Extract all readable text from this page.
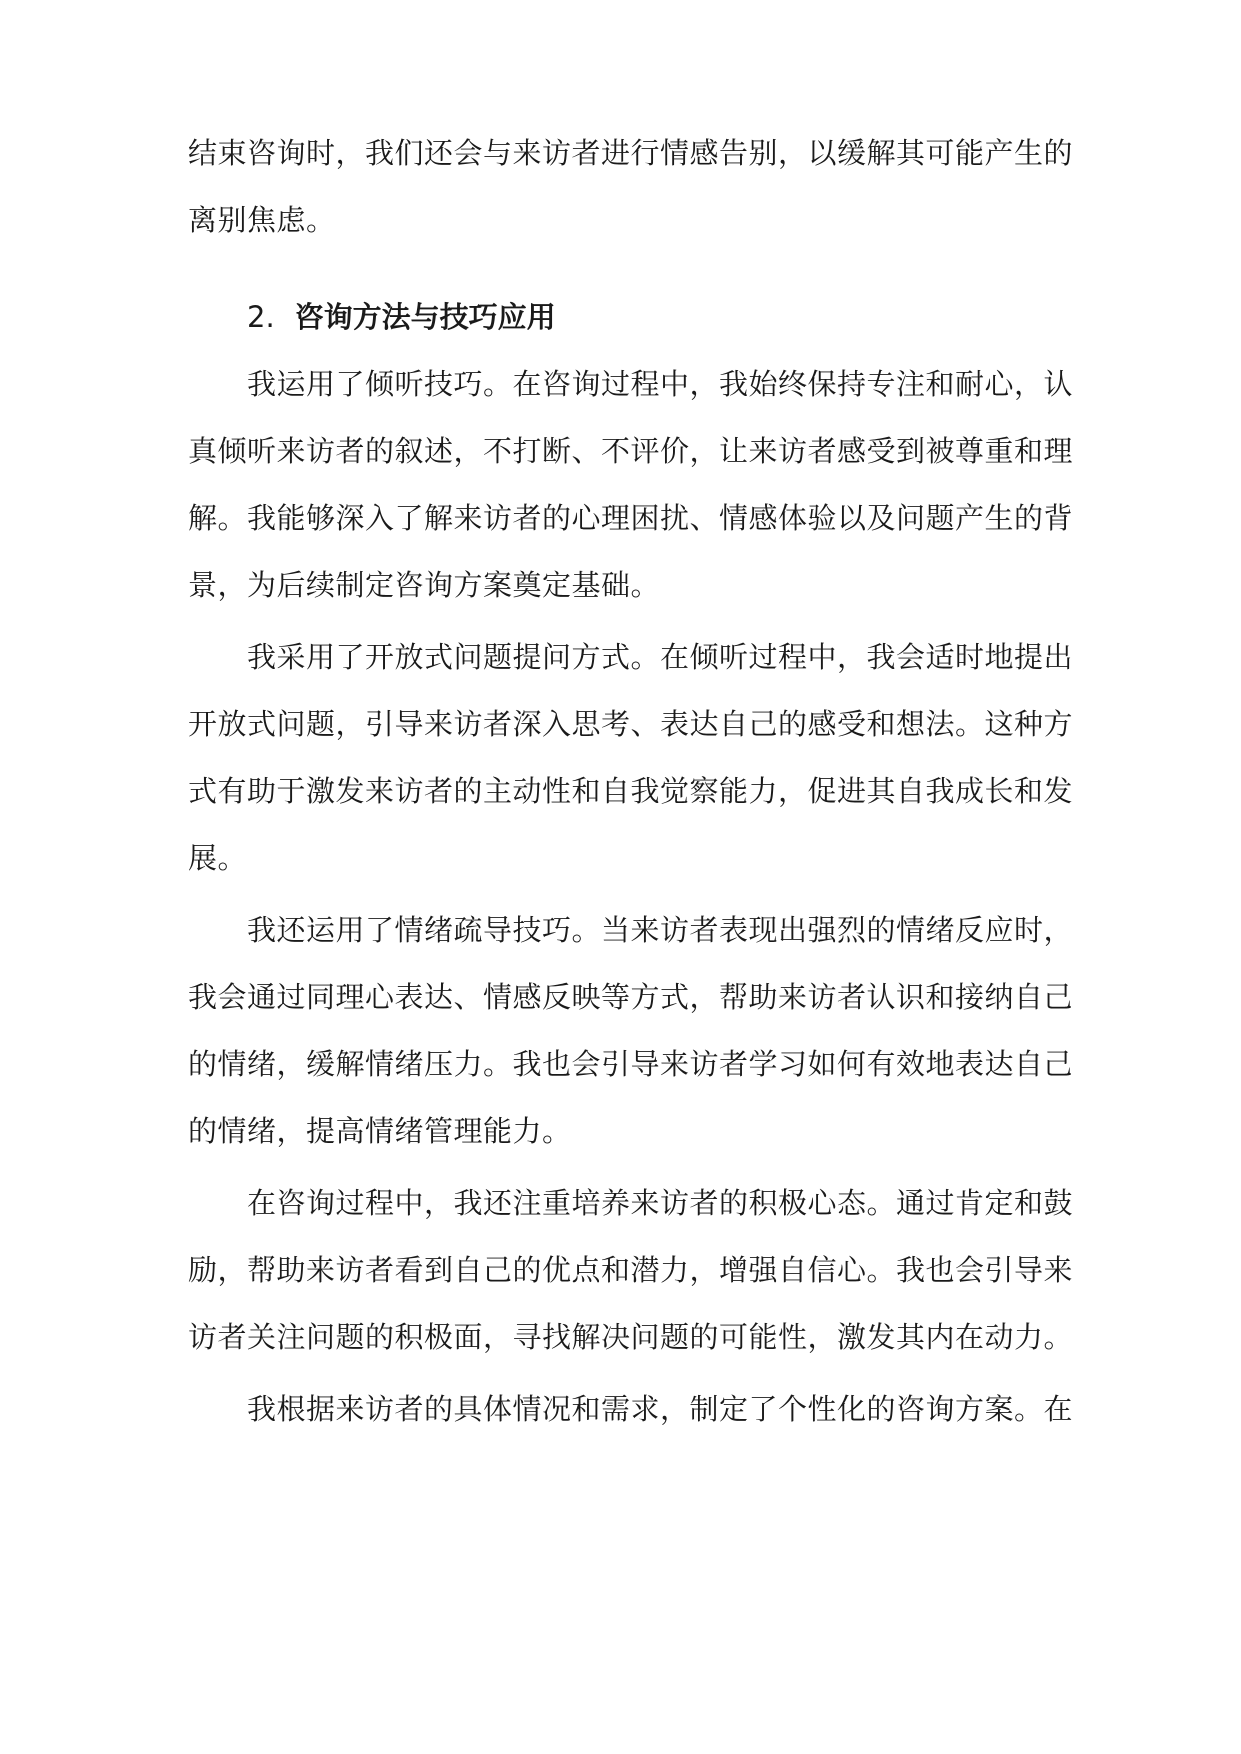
结束咨询时，我们还会与来访者进行情感告别，以缓解其可能产生的
离别焦虑。
2. 咨询方法与技巧应用
我运用了倾听技巧。在咨询过程中，我始终保持专注和耐心，认
真倾听来访者的叙述，不打断、不评价，让来访者感受到被尊重和理
解。我能够深入了解来访者的心理困扰、情感体验以及问题产生的背
景，为后续制定咨询方案奠定基础。
我采用了开放式问题提问方式。在倾听过程中，我会适时地提出
开放式问题，引导来访者深入思考、表达自己的感受和想法。这种方
式有助于激发来访者的主动性和自我觉察能力，促进其自我成长和发
展。
我还运用了情绪疏导技巧。当来访者表现出强烈的情绪反应时，
我会通过同理心表达、情感反映等方式，帮助来访者认识和接纳自己
的情绪，缓解情绪压力。我也会引导来访者学习如何有效地表达自己
的情绪，提高情绪管理能力。
在咨询过程中，我还注重培养来访者的积极心态。通过肯定和鼓
励，帮助来访者看到自己的优点和潜力，增强自信心。我也会引导来
访者关注问题的积极面，寻找解决问题的可能性，激发其内在动力。
我根据来访者的具体情况和需求，制定了个性化的咨询方案。在
